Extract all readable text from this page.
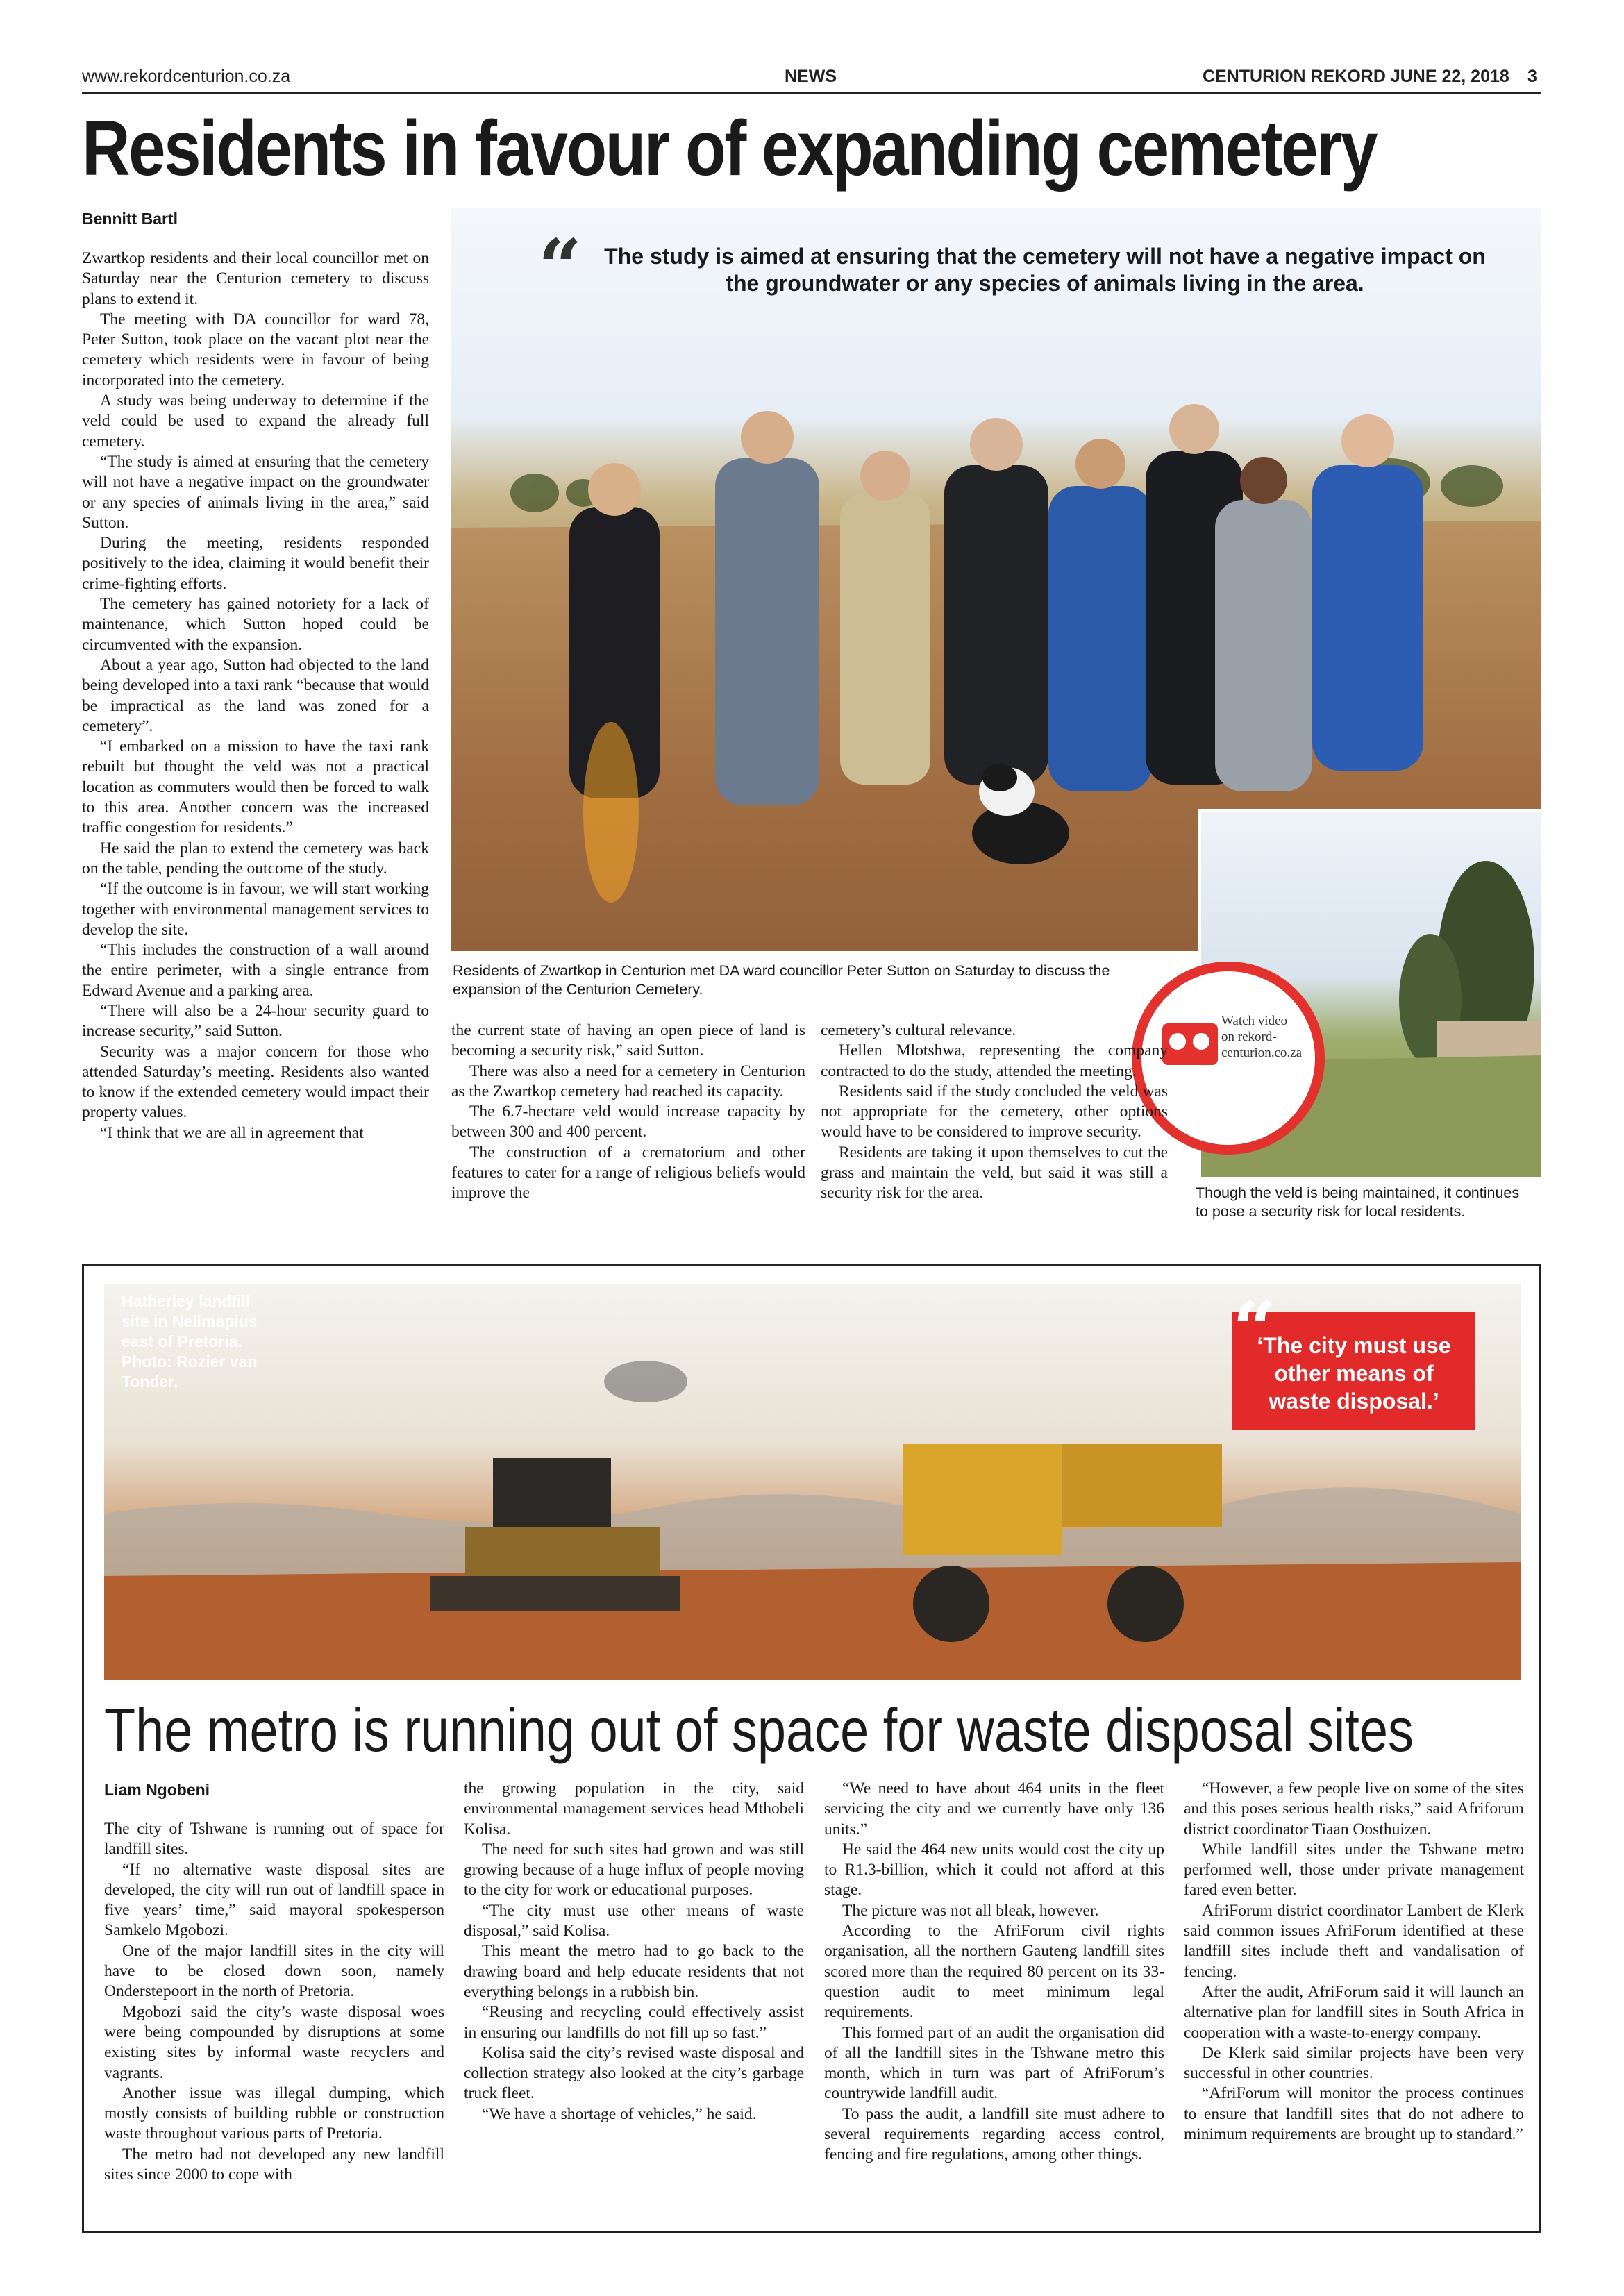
www.rekordcenturion.co.za	NEWS	CENTURION REKORD JUNE 22, 2018 3
Residents in favour of expanding cemetery
Bennitt Bartl

Zwartkop residents and their local councillor met on Saturday near the Centurion cemetery to discuss plans to extend it.

The meeting with DA councillor for ward 78, Peter Sutton, took place on the vacant plot near the cemetery which residents were in favour of being incorporated into the cemetery.

A study was being underway to determine if the veld could be used to expand the already full cemetery.

“The study is aimed at ensuring that the cemetery will not have a negative impact on the groundwater or any species of animals living in the area,” said Sutton.

During the meeting, residents responded positively to the idea, claiming it would benefit their crime-fighting efforts.

The cemetery has gained notoriety for a lack of maintenance, which Sutton hoped could be circumvented with the expansion.

About a year ago, Sutton had objected to the land being developed into a taxi rank “because that would be impractical as the land was zoned for a cemetery”.

“I embarked on a mission to have the taxi rank rebuilt but thought the veld was not a practical location as commuters would then be forced to walk to this area. Another concern was the increased traffic congestion for residents.”

He said the plan to extend the cemetery was back on the table, pending the outcome of the study.

“If the outcome is in favour, we will start working together with environmental management services to develop the site.

“This includes the construction of a wall around the entire perimeter, with a single entrance from Edward Avenue and a parking area.

“There will also be a 24-hour security guard to increase security,” said Sutton.

Security was a major concern for those who attended Saturday’s meeting. Residents also wanted to know if the extended cemetery would impact their property values.

“I think that we are all in agreement that

“ The study is aimed at ensuring that the cemetery will not have a negative impact on the groundwater or any species of animals living in the area.
Watch video on rekord-centurion.co.za
Residents of Zwartkop in Centurion met DA ward councillor Peter Sutton on Saturday to discuss the expansion of the Centurion Cemetery.

the current state of having an open piece of land is becoming a security risk,” said Sutton.

There was also a need for a cemetery in Centurion as the Zwartkop cemetery had reached its capacity.

The 6.7-hectare veld would increase capacity by between 300 and 400 percent.

The construction of a crematorium and other features to cater for a range of religious beliefs would improve the

cemetery’s cultural relevance.

Hellen Mlotshwa, representing the company contracted to do the study, attended the meeting.

Residents said if the study concluded the veld was not appropriate for the cemetery, other options would have to be considered to improve security.

Residents are taking it upon themselves to cut the grass and maintain the veld, but said it was still a security risk for the area.	Though the veld is being maintained, it continues to pose a security risk for local residents.
Hatherley landfill site in Nellmapius east of Pretoria. Photo: Rozier van Tonder.
“
‘The city must use other means of waste disposal.’
The metro is running out of space for waste disposal sites
Liam Ngobeni

The city of Tshwane is running out of space for landfill sites.

“If no alternative waste disposal sites are developed, the city will run out of landfill space in five years’ time,” said mayoral spokesperson Samkelo Mgobozi.

One of the major landfill sites in the city will have to be closed down soon, namely Onderstepoort in the north of Pretoria.

Mgobozi said the city’s waste disposal woes were being compounded by disruptions at some existing sites by informal waste recyclers and vagrants.

Another issue was illegal dumping, which mostly consists of building rubble or construction waste throughout various parts of Pretoria.

The metro had not developed any new landfill sites since 2000 to cope with

the growing population in the city, said environmental management services head Mthobeli Kolisa.

The need for such sites had grown and was still growing because of a huge influx of people moving to the city for work or educational purposes.

“The city must use other means of waste disposal,” said Kolisa.

This meant the metro had to go back to the drawing board and help educate residents that not everything belongs in a rubbish bin.

“Reusing and recycling could effectively assist in ensuring our landfills do not fill up so fast.”

Kolisa said the city’s revised waste disposal and collection strategy also looked at the city’s garbage truck fleet.

“We have a shortage of vehicles,” he said.

“We need to have about 464 units in the fleet servicing the city and we currently have only 136 units.”

He said the 464 new units would cost the city up to R1.3-billion, which it could not afford at this stage.

The picture was not all bleak, however.

According to the AfriForum civil rights organisation, all the northern Gauteng landfill sites scored more than the required 80 percent on its 33-question audit to meet minimum legal requirements.

This formed part of an audit the organisation did of all the landfill sites in the Tshwane metro this month, which in turn was part of AfriForum’s countrywide landfill audit.

To pass the audit, a landfill site must adhere to several requirements regarding access control, fencing and fire regulations, among other things.

“However, a few people live on some of the sites and this poses serious health risks,” said Afriforum district coordinator Tiaan Oosthuizen.

While landfill sites under the Tshwane metro performed well, those under private management fared even better.

AfriForum district coordinator Lambert de Klerk said common issues AfriForum identified at these landfill sites include theft and vandalisation of fencing.

After the audit, AfriForum said it will launch an alternative plan for landfill sites in South Africa in cooperation with a waste-to-energy company.

De Klerk said similar projects have been very successful in other countries.

“AfriForum will monitor the process continues to ensure that landfill sites that do not adhere to minimum requirements are brought up to standard.”
